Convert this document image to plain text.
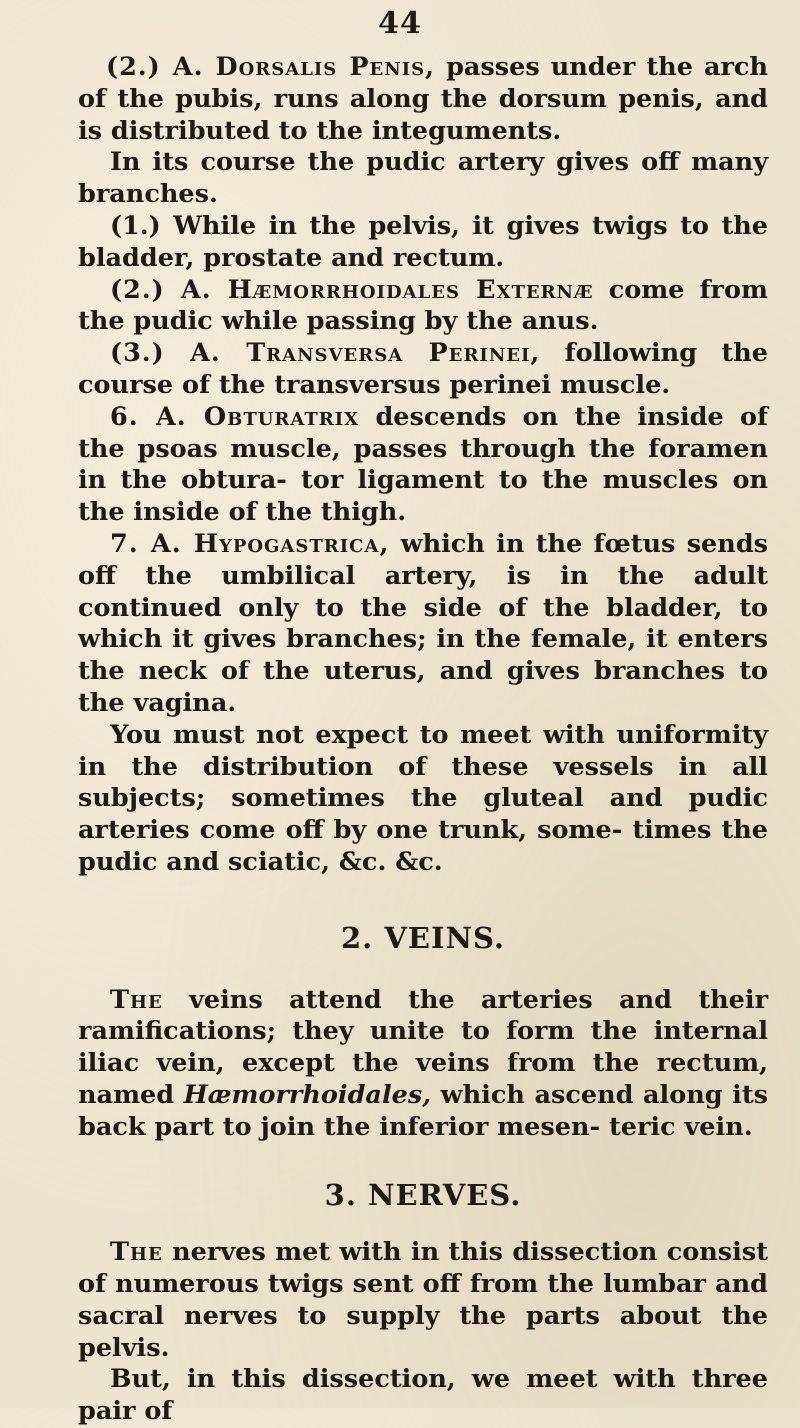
44

(2.) A. Dorsalis Penis, passes under the arch of the pubis, runs along the dorsum penis, and is distributed to the integuments.

In its course the pudic artery gives off many branches.

(1.) While in the pelvis, it gives twigs to the bladder, prostate and rectum.

(2.) A. Hæmorrhoidales Externæ come from the pudic while passing by the anus.

(3.) A. Transversa Perinei, following the course of the transversus perinei muscle.

6. A. Obturatrix descends on the inside of the psoas muscle, passes through the foramen in the obtura- tor ligament to the muscles on the inside of the thigh.

7. A. Hypogastrica, which in the fœtus sends off the umbilical artery, is in the adult continued only to the side of the bladder, to which it gives branches; in the female, it enters the neck of the uterus, and gives branches to the vagina.

You must not expect to meet with uniformity in the distribution of these vessels in all subjects; sometimes the gluteal and pudic arteries come off by one trunk, some- times the pudic and sciatic, &c. &c.

2. VEINS.

The veins attend the arteries and their ramifications; they unite to form the internal iliac vein, except the veins from the rectum, named Hæmorrhoidales, which ascend along its back part to join the inferior mesen- teric vein.

3. NERVES.

The nerves met with in this dissection consist of numerous twigs sent off from the lumbar and sacral nerves to supply the parts about the pelvis.

But, in this dissection, we meet with three pair of
